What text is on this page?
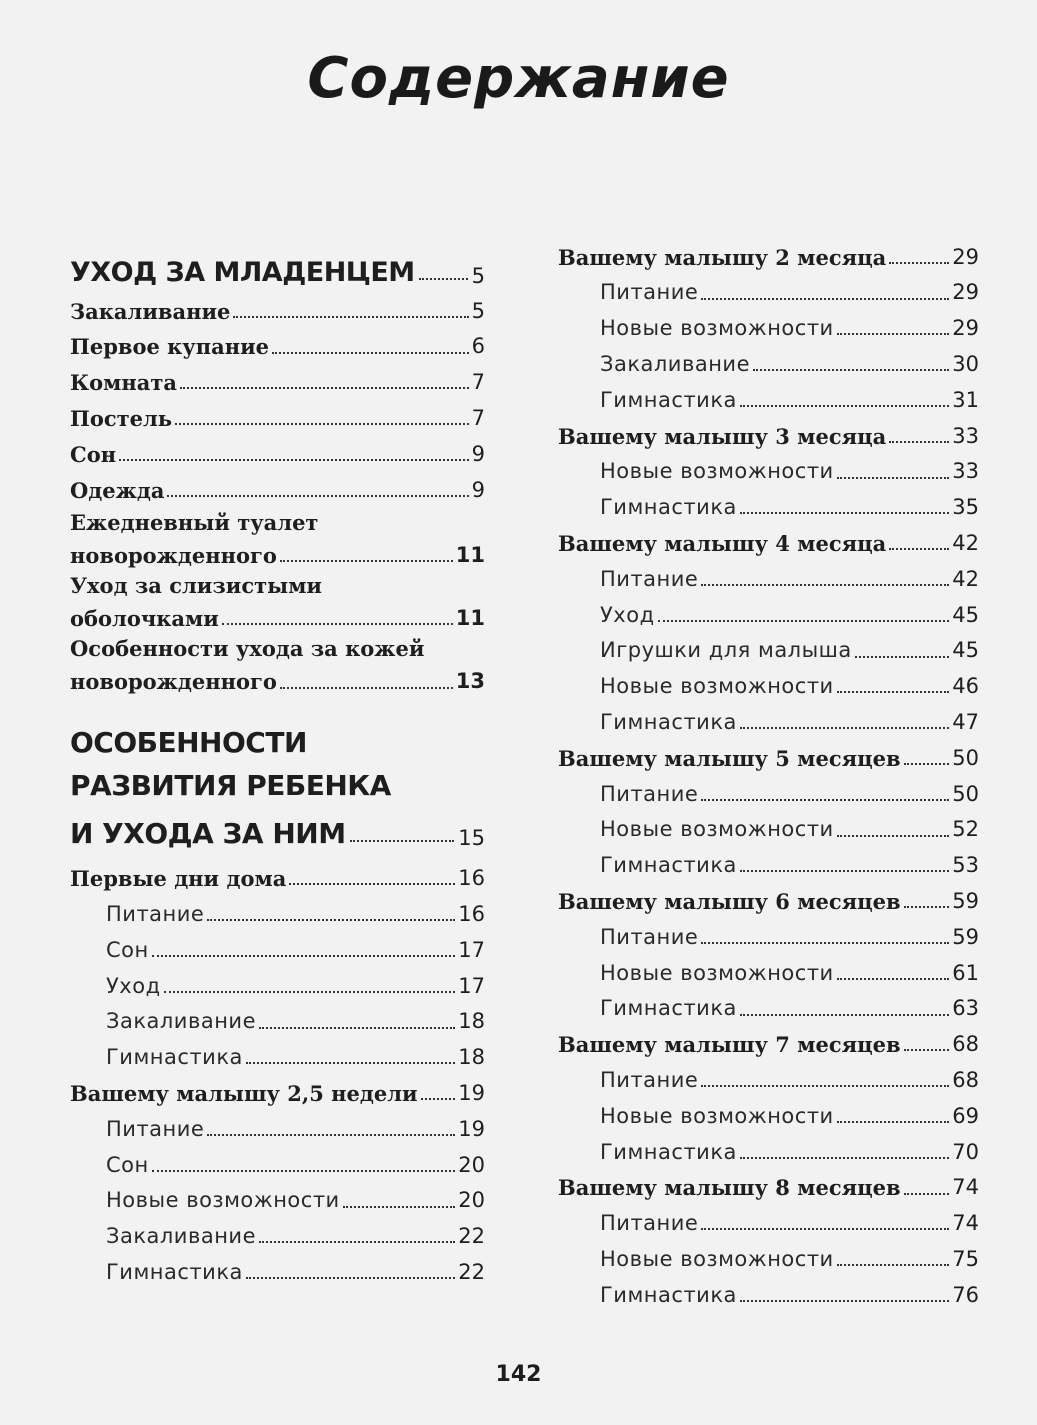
Содержание
УХОД ЗА МЛАДЕНЦЕМ	5
Закаливание	5
Первое купание	6
Комната	7
Постель	7
Сон	9
Одежда	9
Ежедневный туалет
новорожденного	11
Уход за слизистыми
оболочками	11
Особенности ухода за кожей
новорожденного	13
ОСОБЕННОСТИ
РАЗВИТИЯ РЕБЕНКА
И УХОДА ЗА НИМ	15
Первые дни дома	16
Питание	16
Сон	17
Уход	17
Закаливание	18
Гимнастика	18
Вашему малышу 2,5 недели 19
Питание	19
Сон	20
Новые возможности	20
Закаливание	22
Гимнастика	22
Вашему малышу 2 месяца	29
Питание	29
Новые возможности	29
Закаливание	30
Гимнастика	31
Вашему малышу 3 месяца	33
Новые возможности	33
Гимнастика	35
Вашему малышу 4 месяца	42
Питание	42
Уход	45
Игрушки для малыша	45
Новые возможности	46
Гимнастика	47
Вашему малышу 5 месяцев 50
Питание	50
Новые возможности	52
Гимнастика	53
Вашему малышу 6 месяцев 59
Питание	59
Новые возможности	61
Гимнастика	63
Вашему малышу 7 месяцев 68
Питание	68
Новые возможности	69
Гимнастика	70
Вашему малышу 8 месяцев 74
Питание	74
Новые возможности	75
Гимнастика	76
142
